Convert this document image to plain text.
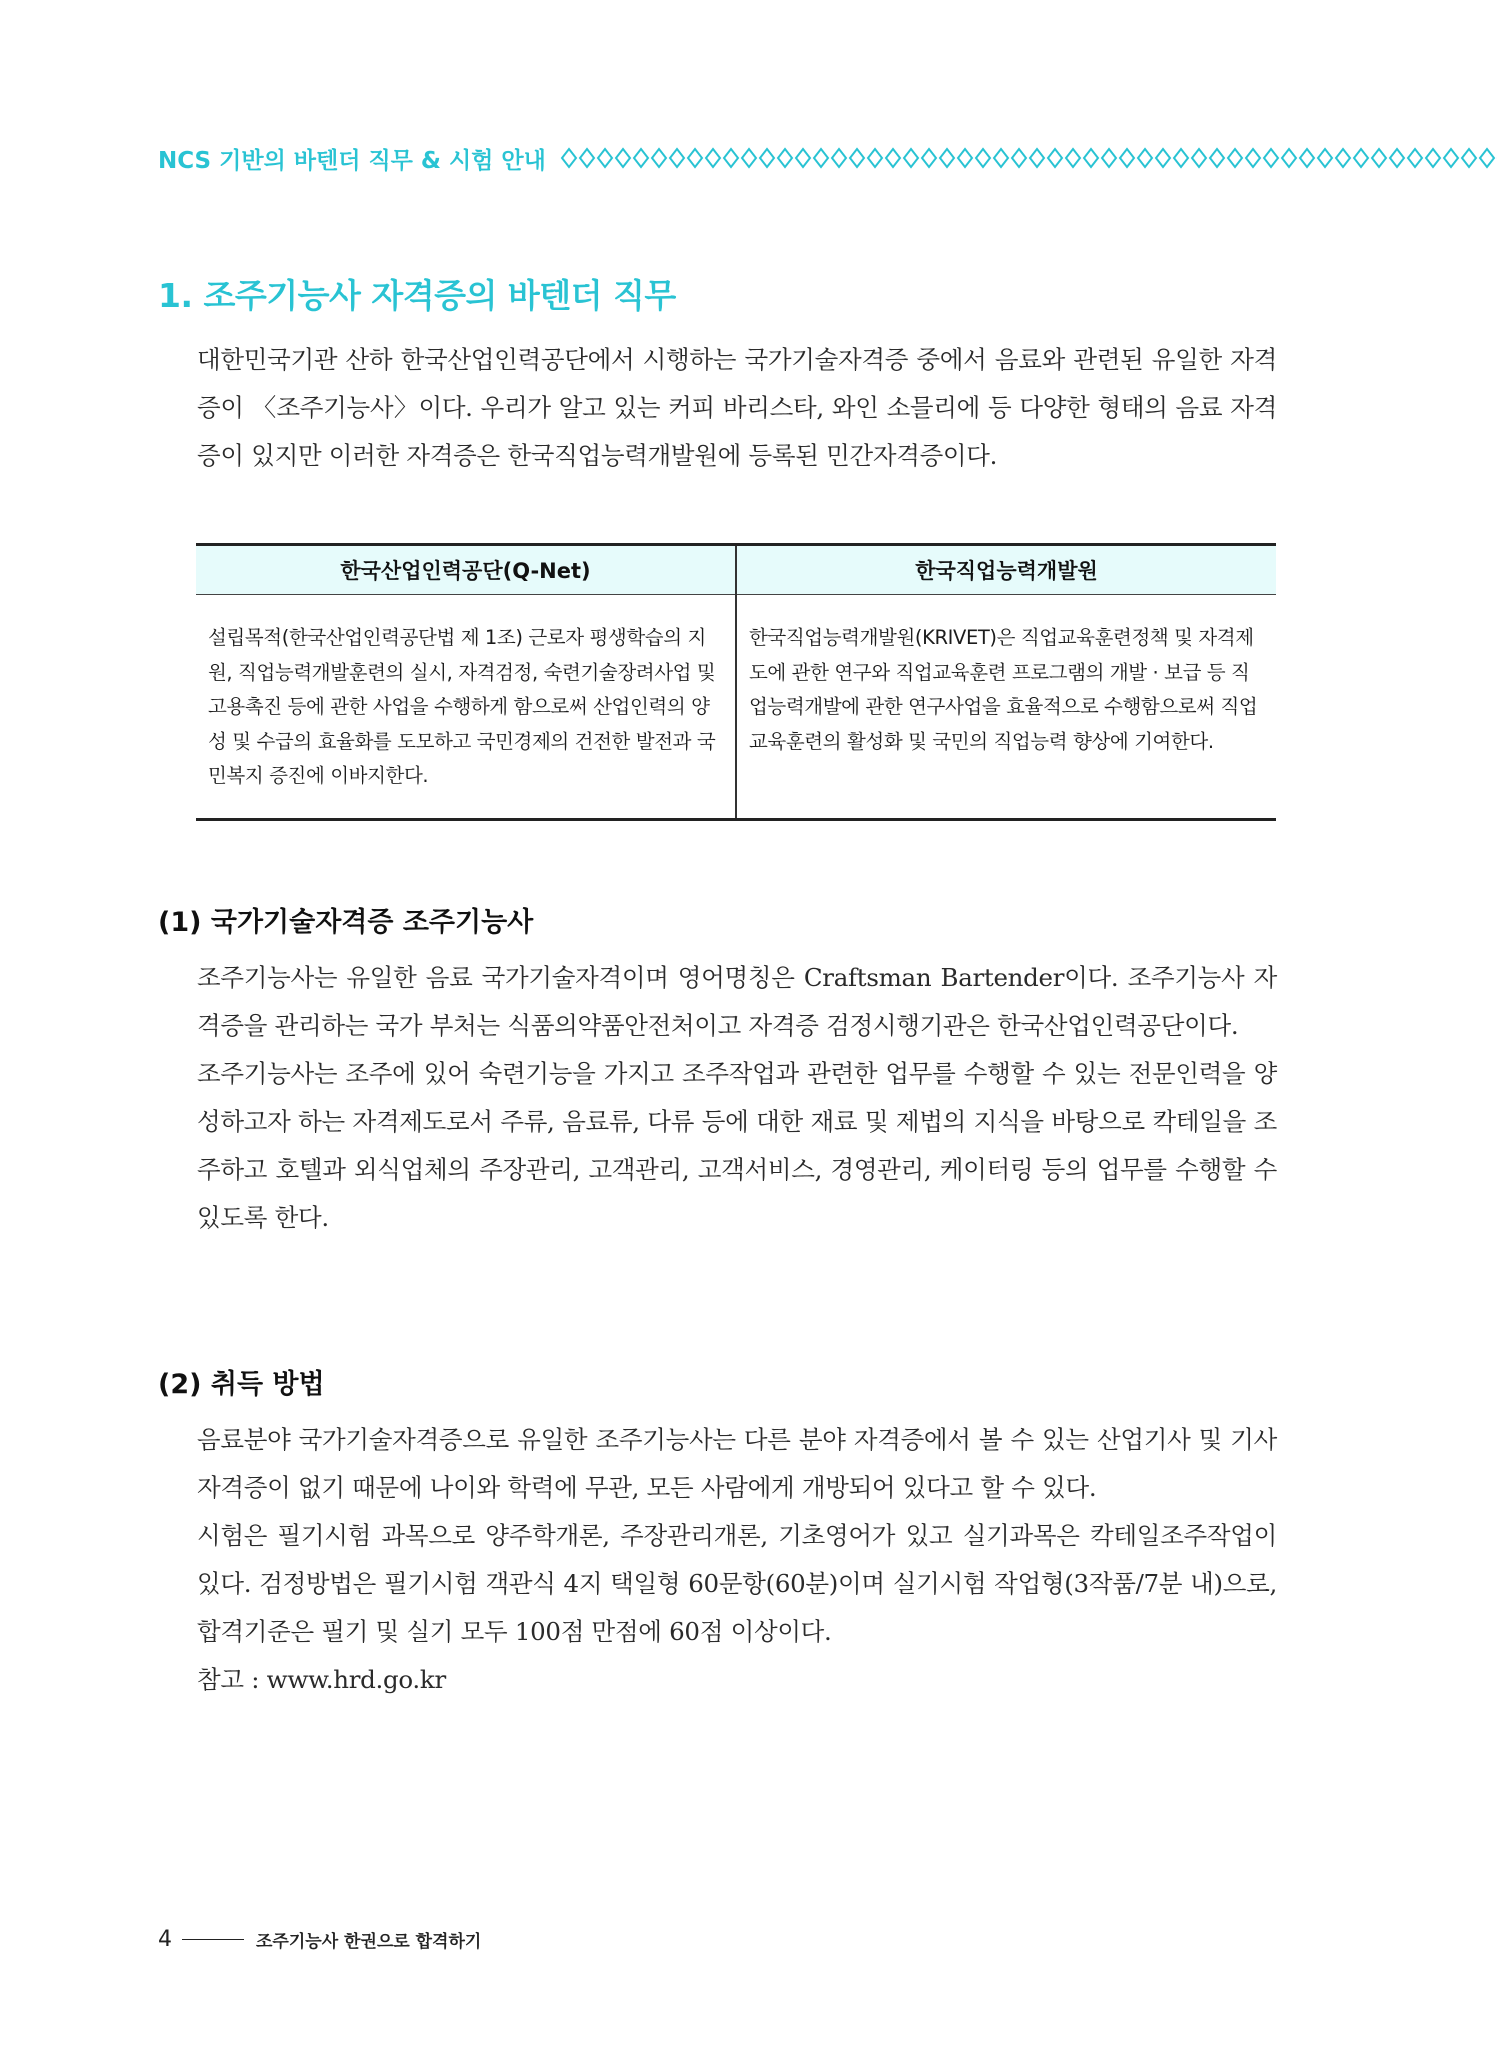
NCS 기반의 바텐더 직무 & 시험 안내
1. 조주기능사 자격증의 바텐더 직무

대한민국기관 산하 한국산업인력공단에서 시행하는 국가기술자격증 중에서 음료와 관련된 유일한 자격증이 〈조주기능사〉이다. 우리가 알고 있는 커피 바리스타, 와인 소믈리에 등 다양한 형태의 음료 자격증이 있지만 이러한 자격증은 한국직업능력개발원에 등록된 민간자격증이다.

한국산업인력공단(Q-Net)	한국직업능력개발원
설립목적(한국산업인력공단법 제 1조) 근로자 평생학습의 지원, 직업능력개발훈련의 실시, 자격검정, 숙련기술장려사업 및 고용촉진 등에 관한 사업을 수행하게 함으로써 산업인력의 양성 및 수급의 효율화를 도모하고 국민경제의 건전한 발전과 국민복지 증진에 이바지한다.	한국직업능력개발원(KRIVET)은 직업교육훈련정책 및 자격제도에 관한 연구와 직업교육훈련 프로그램의 개발 · 보급 등 직업능력개발에 관한 연구사업을 효율적으로 수행함으로써 직업교육훈련의 활성화 및 국민의 직업능력 향상에 기여한다.
(1) 국가기술자격증 조주기능사

조주기능사는 유일한 음료 국가기술자격이며 영어명칭은 Craftsman Bartender이다. 조주기능사 자격증을 관리하는 국가 부처는 식품의약품안전처이고 자격증 검정시행기관은 한국산업인력공단이다.

조주기능사는 조주에 있어 숙련기능을 가지고 조주작업과 관련한 업무를 수행할 수 있는 전문인력을 양성하고자 하는 자격제도로서 주류, 음료류, 다류 등에 대한 재료 및 제법의 지식을 바탕으로 칵테일을 조주하고 호텔과 외식업체의 주장관리, 고객관리, 고객서비스, 경영관리, 케이터링 등의 업무를 수행할 수 있도록 한다.

(2) 취득 방법

음료분야 국가기술자격증으로 유일한 조주기능사는 다른 분야 자격증에서 볼 수 있는 산업기사 및 기사 자격증이 없기 때문에 나이와 학력에 무관, 모든 사람에게 개방되어 있다고 할 수 있다.

시험은 필기시험 과목으로 양주학개론, 주장관리개론, 기초영어가 있고 실기과목은 칵테일조주작업이 있다. 검정방법은 필기시험 객관식 4지 택일형 60문항(60분)이며 실기시험 작업형(3작품/7분 내)으로, 합격기준은 필기 및 실기 모두 100점 만점에 60점 이상이다.

참고 : www.hrd.go.kr

4	조주기능사 한권으로 합격하기
